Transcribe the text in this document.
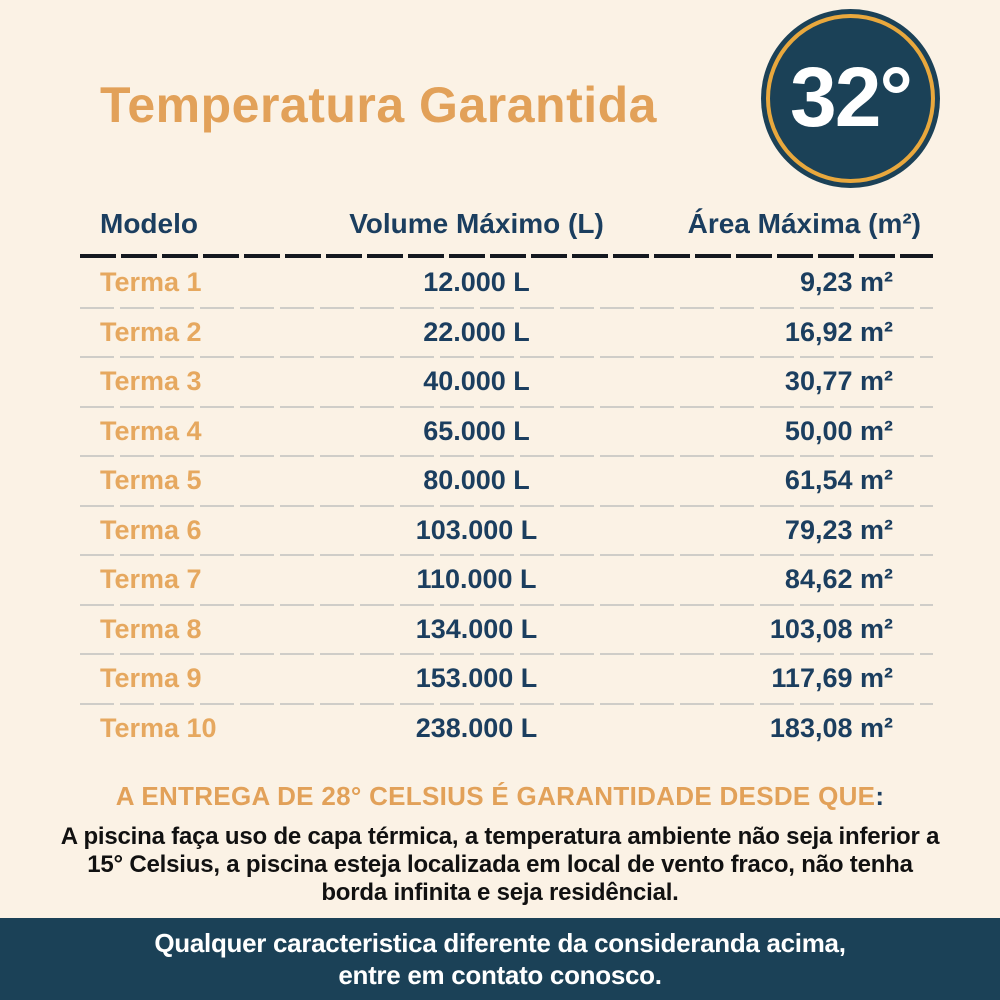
Temperatura Garantida 32°
Modelo	Volume Máximo (L)	Área Máxima (m²)
Terma 1	12.000 L	9,23 m²
Terma 2	22.000 L	16,92 m²
Terma 3	40.000 L	30,77 m²
Terma 4	65.000 L	50,00 m²
Terma 5	80.000 L	61,54 m²
Terma 6	103.000 L	79,23 m²
Terma 7	110.000 L	84,62 m²
Terma 8	134.000 L	103,08 m²
Terma 9	153.000 L	117,69 m²
Terma 10	238.000 L	183,08 m²

A ENTREGA DE 28° CELSIUS É GARANTIDADE DESDE QUE:

A piscina faça uso de capa térmica, a temperatura ambiente não seja inferior a 15° Celsius, a piscina esteja localizada em local de vento fraco, não tenha borda infinita e seja residêncial.

Qualquer caracteristica diferente da consideranda acima,
entre em contato conosco.
